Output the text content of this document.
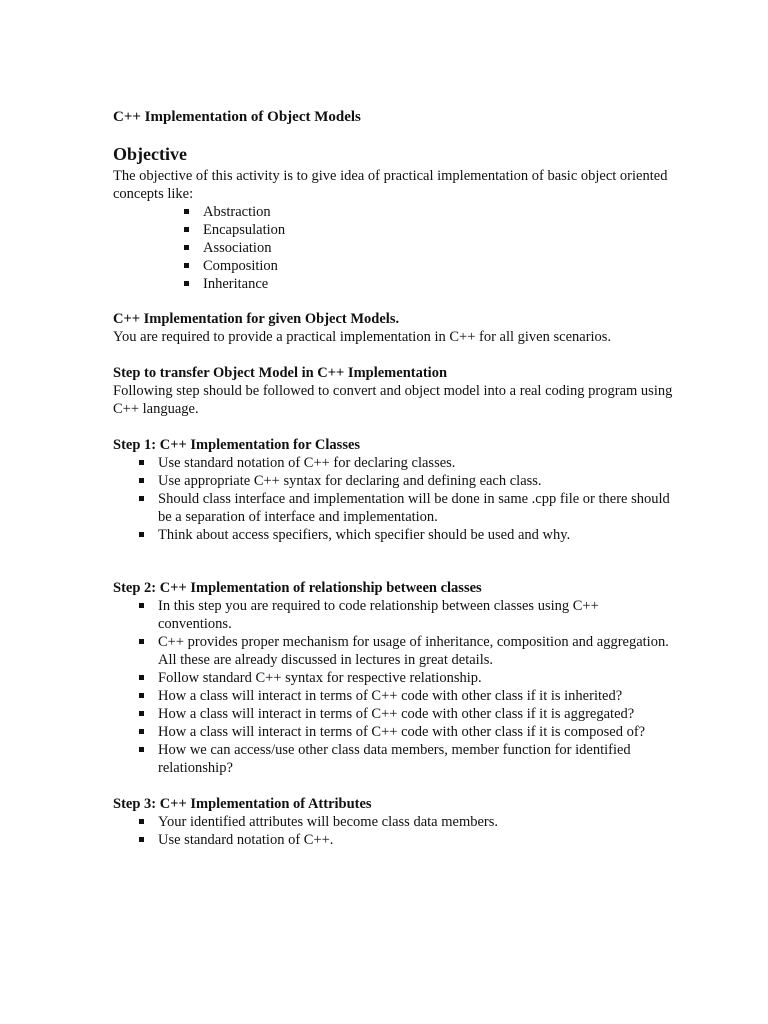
C++ Implementation of Object Models
Objective

The objective of this activity is to give idea of practical implementation of basic object oriented concepts like:

Abstraction
Encapsulation
Association
Composition
Inheritance
C++ Implementation for given Object Models.

You are required to provide a practical implementation in C++ for all given scenarios.

Step to transfer Object Model in C++ Implementation

Following step should be followed to convert and object model into a real coding program using C++ language.

Step 1: C++ Implementation for Classes
Use standard notation of C++ for declaring classes.
Use appropriate C++ syntax for declaring and defining each class.
Should class interface and implementation will be done in same .cpp file or there should be a separation of interface and implementation.
Think about access specifiers, which specifier should be used and why.
Step 2: C++ Implementation of relationship between classes
In this step you are required to code relationship between classes using C++ conventions.
C++ provides proper mechanism for usage of inheritance, composition and aggregation. All these are already discussed in lectures in great details.
Follow standard C++ syntax for respective relationship.
How a class will interact in terms of C++ code with other class if it is inherited?
How a class will interact in terms of C++ code with other class if it is aggregated?
How a class will interact in terms of C++ code with other class if it is composed of?
How we can access/use other class data members, member function for identified relationship?
Step 3: C++ Implementation of Attributes
Your identified attributes will become class data members.
Use standard notation of C++.
